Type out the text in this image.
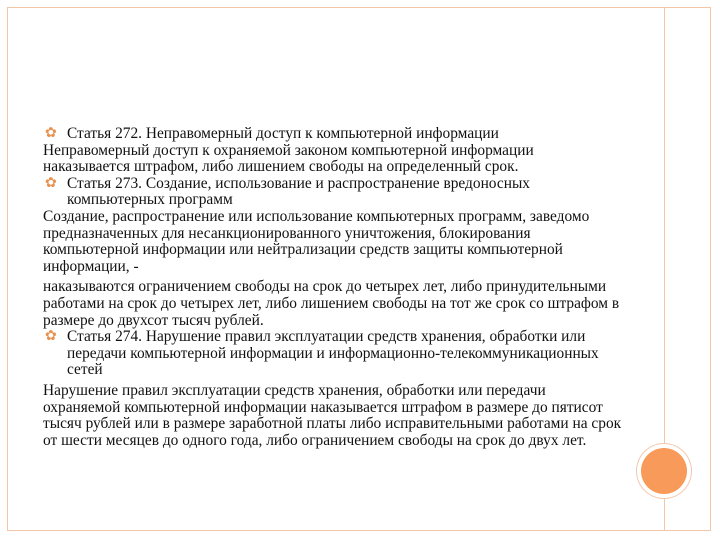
✿ Статья 272. Неправомерный доступ к компьютерной информации

Неправомерный доступ к охраняемой законом компьютерной информации наказывается штрафом, либо лишением свободы на определенный срок.

✿ Статья 273. Создание, использование и распространение вредоносных компьютерных программ

Создание, распространение или использование компьютерных программ, заведомо предназначенных для несанкционированного уничтожения, блокирования компьютерной информации или нейтрализации средств защиты компьютерной информации, -

наказываются ограничением свободы на срок до четырех лет, либо принудительными работами на срок до четырех лет, либо лишением свободы на тот же срок со штрафом в размере до двухсот тысяч рублей.

✿ Статья 274. Нарушение правил эксплуатации средств хранения, обработки или передачи компьютерной информации и информационно-телекоммуникационных сетей

Нарушение правил эксплуатации средств хранения, обработки или передачи охраняемой компьютерной информации наказывается штрафом в размере до пятисот тысяч рублей или в размере заработной платы либо исправительными работами на срок от шести месяцев до одного года, либо ограничением свободы на срок до двух лет.
